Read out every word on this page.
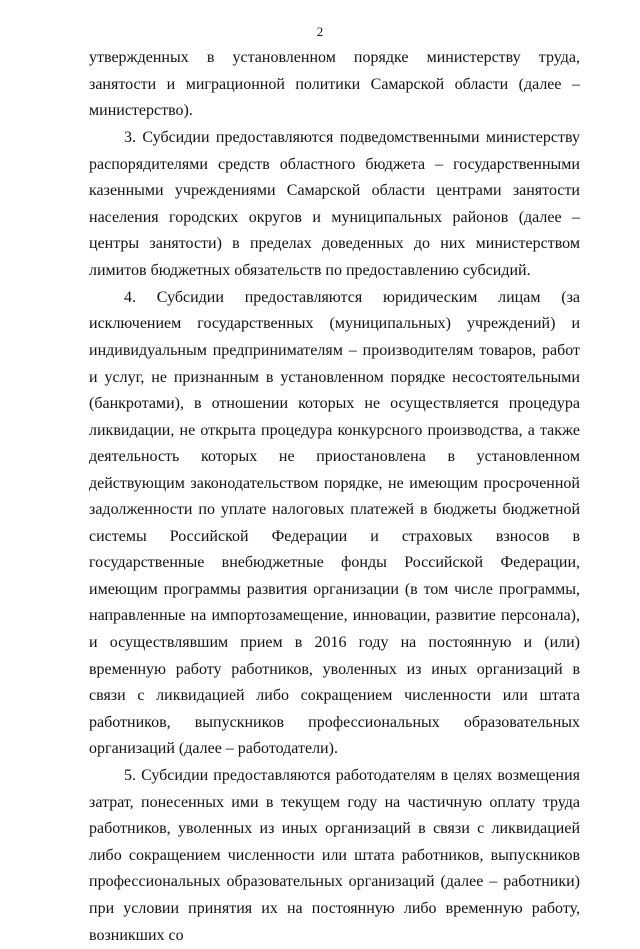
2

утвержденных в установленном порядке министерству труда, занятости и миграционной политики Самарской области (далее – министерство).

3. Субсидии предоставляются подведомственными министерству распорядителями средств областного бюджета – государственными казенными учреждениями Самарской области центрами занятости населения городских округов и муниципальных районов (далее – центры занятости) в пределах доведенных до них министерством лимитов бюджетных обязательств по предоставлению субсидий.

4. Субсидии предоставляются юридическим лицам (за исключением государственных (муниципальных) учреждений) и индивидуальным предпринимателям – производителям товаров, работ и услуг, не признанным в установленном порядке несостоятельными (банкротами), в отношении которых не осуществляется процедура ликвидации, не открыта процедура конкурсного производства, а также деятельность которых не приостановлена в установленном действующим законодательством порядке, не имеющим просроченной задолженности по уплате налоговых платежей в бюджеты бюджетной системы Российской Федерации и страховых взносов в государственные внебюджетные фонды Российской Федерации, имеющим программы развития организации (в том числе программы, направленные на импортозамещение, инновации, развитие персонала), и осуществлявшим прием в 2016 году на постоянную и (или) временную работу работников, уволенных из иных организаций в связи с ликвидацией либо сокращением численности или штата работников, выпускников профессиональных образовательных организаций (далее – работодатели).

5. Субсидии предоставляются работодателям в целях возмещения затрат, понесенных ими в текущем году на частичную оплату труда работников, уволенных из иных организаций в связи с ликвидацией либо сокращением численности или штата работников, выпускников профессиональных образовательных организаций (далее – работники) при условии принятия их на постоянную либо временную работу, возникших со
